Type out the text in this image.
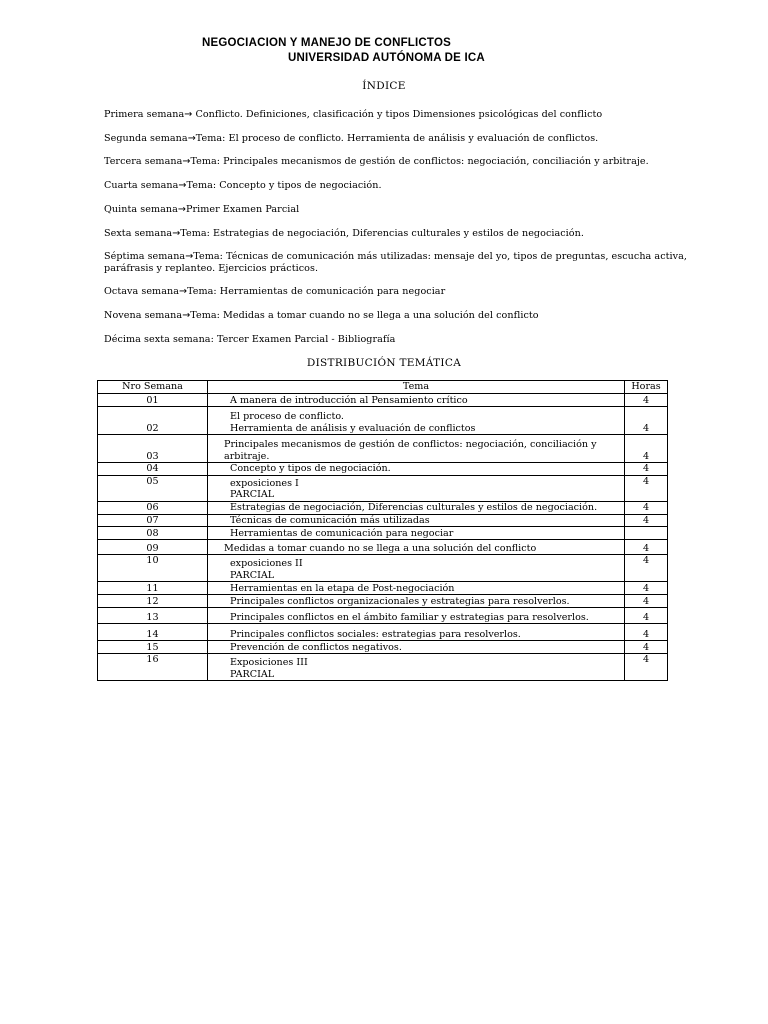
NEGOCIACION Y MANEJO DE CONFLICTOS
UNIVERSIDAD AUTÓNOMA DE ICA
ÍNDICE
Primera semana→ Conflicto. Definiciones, clasificación y tipos Dimensiones psicológicas del conflicto
Segunda semana→Tema: El proceso de conflicto. Herramienta de análisis y evaluación de conflictos.
Tercera semana→Tema: Principales mecanismos de gestión de conflictos: negociación, conciliación y arbitraje.
Cuarta semana→Tema: Concepto y tipos de negociación.
Quinta semana→Primer Examen Parcial
Sexta semana→Tema: Estrategias de negociación, Diferencias culturales y estilos de negociación.
Séptima semana→Tema: Técnicas de comunicación más utilizadas: mensaje del yo, tipos de preguntas, escucha activa, paráfrasis y replanteo. Ejercicios prácticos.
Octava semana→Tema: Herramientas de comunicación para negociar
Novena semana→Tema: Medidas a tomar cuando no se llega a una solución del conflicto
Décima sexta semana: Tercer Examen Parcial - Bibliografía
DISTRIBUCIÓN TEMÁTICA
Nro Semana	Tema	Horas
01	A manera de introducción al Pensamiento crítico	4
02	El proceso de conflicto.
Herramienta de análisis y evaluación de conflictos	4
03	Principales mecanismos de gestión de conflictos: negociación, conciliación y arbitraje.	4
04	Concepto y tipos de negociación.	4
05	exposiciones I
PARCIAL	4
06	Estrategias de negociación, Diferencias culturales y estilos de negociación.	4
07	Técnicas de comunicación más utilizadas	4
08	Herramientas de comunicación para negociar	

09	Medidas a tomar cuando no se llega a una solución del conflicto	4
10	exposiciones II
PARCIAL	4
11	Herramientas en la etapa de Post-negociación	4
12	Principales conflictos organizacionales y estrategias para resolverlos.	4
13	Principales conflictos en el ámbito familiar y estrategias para resolverlos.	4
14	Principales conflictos sociales: estrategias para resolverlos.	4
15	Prevención de conflictos negativos.	4
16	Exposiciones III
PARCIAL	4
